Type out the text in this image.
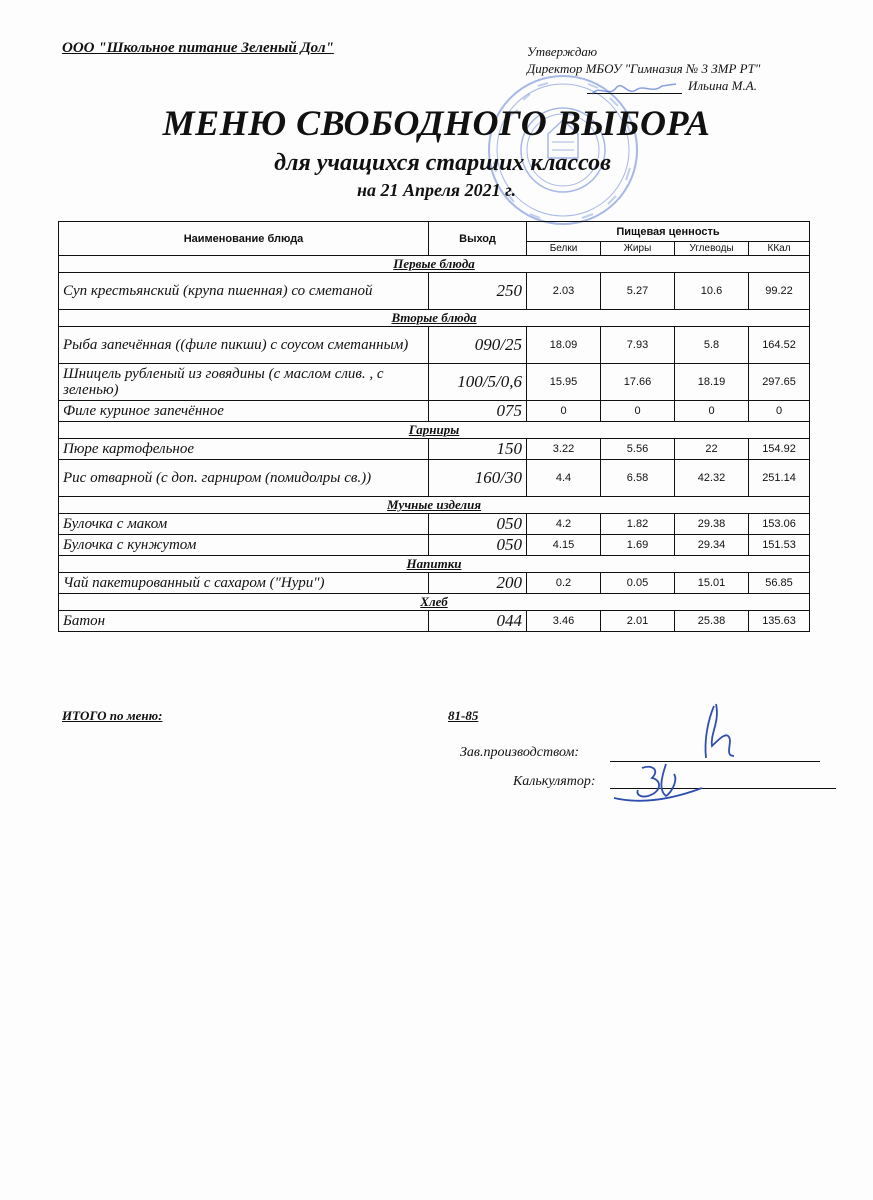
ООО "Школьное питание Зеленый Дол"	Утверждаю
Директор МБОУ "Гимназия № 3 ЗМР РТ"
Ильина М.А.
МЕНЮ СВОБОДНОГО ВЫБОРА
для учащихся старших классов
на 21 Апреля 2021 г.
Наименование блюда	Выход	Пищевая ценность			
		Белки	Жиры	Углеводы	ККал
Первые блюда					
Суп крестьянский (крупа пшенная) со сметаной	250	2.03	5.27	10.6	99.22
Вторые блюда					
Рыба запечённая ((филе пикши) с соусом сметанным)	090/25	18.09	7.93	5.8	164.52
Шницель рубленый из говядины (с маслом слив. , с зеленью)	100/5/0,6	15.95	17.66	18.19	297.65
Филе куриное запечённое	075	0	0	0	0
Гарниры					
Пюре картофельное	150	3.22	5.56	22	154.92
Рис отварной (с доп. гарниром (помидолры св.))	160/30	4.4	6.58	42.32	251.14
Мучные изделия					
Булочка с маком	050	4.2	1.82	29.38	153.06
Булочка с кунжутом	050	4.15	1.69	29.34	151.53
Напитки					
Чай пакетированный с сахаром ("Нури")	200	0.2	0.05	15.01	56.85
Хлеб					
Батон	044	3.46	2.01	25.38	135.63
ИТОГО по меню:	81-85
Зав.производством:
Калькулятор:
